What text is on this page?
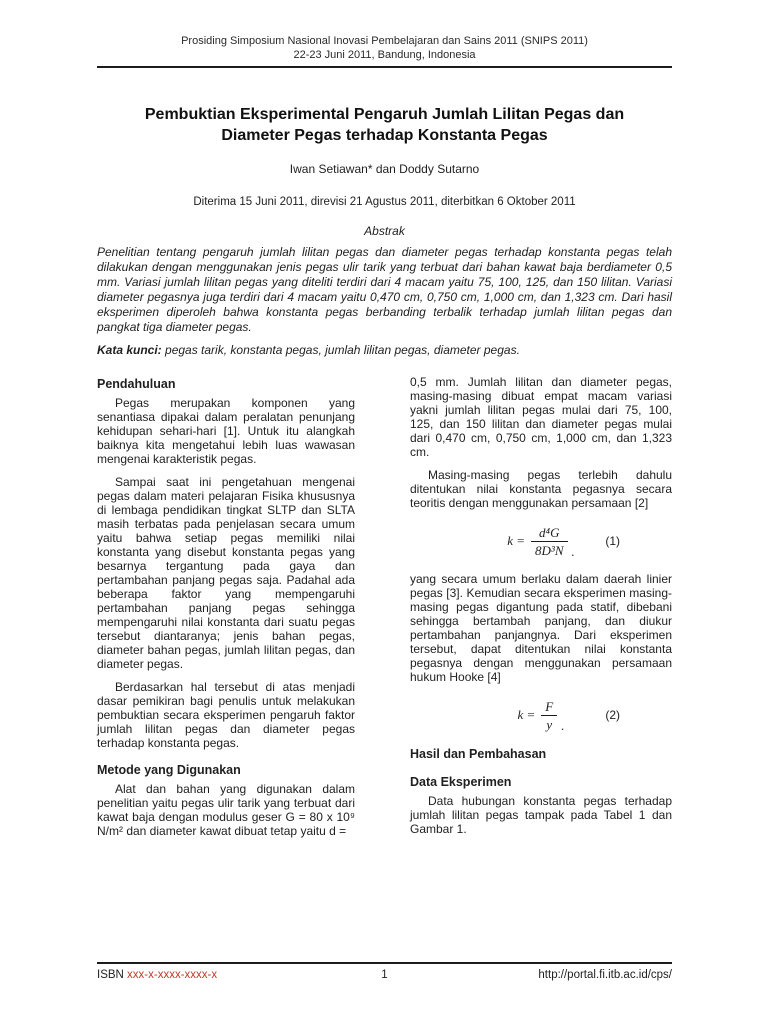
Prosiding Simposium Nasional Inovasi Pembelajaran dan Sains 2011 (SNIPS 2011)
22-23 Juni 2011, Bandung, Indonesia
Pembuktian Eksperimental Pengaruh Jumlah Lilitan Pegas dan
Diameter Pegas terhadap Konstanta Pegas
Iwan Setiawan* dan Doddy Sutarno
Diterima 15 Juni 2011, direvisi 21 Agustus 2011, diterbitkan 6 Oktober 2011
Abstrak
Penelitian tentang pengaruh jumlah lilitan pegas dan diameter pegas terhadap konstanta pegas telah dilakukan dengan menggunakan jenis pegas ulir tarik yang terbuat dari bahan kawat baja berdiameter 0,5 mm. Variasi jumlah lilitan pegas yang diteliti terdiri dari 4 macam yaitu 75, 100, 125, dan 150 lilitan. Variasi diameter pegasnya juga terdiri dari 4 macam yaitu 0,470 cm, 0,750 cm, 1,000 cm, dan 1,323 cm. Dari hasil eksperimen diperoleh bahwa konstanta pegas berbanding terbalik terhadap jumlah lilitan pegas dan pangkat tiga diameter pegas.
Kata kunci: pegas tarik, konstanta pegas, jumlah lilitan pegas, diameter pegas.
Pendahuluan

Pegas merupakan komponen yang senantiasa dipakai dalam peralatan penunjang kehidupan sehari-hari [1]. Untuk itu alangkah baiknya kita mengetahui lebih luas wawasan mengenai karakteristik pegas.

Sampai saat ini pengetahuan mengenai pegas dalam materi pelajaran Fisika khususnya di lembaga pendidikan tingkat SLTP dan SLTA masih terbatas pada penjelasan secara umum yaitu bahwa setiap pegas memiliki nilai konstanta yang disebut konstanta pegas yang besarnya tergantung pada gaya dan pertambahan panjang pegas saja. Padahal ada beberapa faktor yang mempengaruhi pertambahan panjang pegas sehingga mempengaruhi nilai konstanta dari suatu pegas tersebut diantaranya; jenis bahan pegas, diameter bahan pegas, jumlah lilitan pegas, dan diameter pegas.

Berdasarkan hal tersebut di atas menjadi dasar pemikiran bagi penulis untuk melakukan pembuktian secara eksperimen pengaruh faktor jumlah lilitan pegas dan diameter pegas terhadap konstanta pegas.

Metode yang Digunakan

Alat dan bahan yang digunakan dalam penelitian yaitu pegas ulir tarik yang terbuat dari kawat baja dengan modulus geser G = 80 x 10⁹ N/m² dan diameter kawat dibuat tetap yaitu d =

0,5 mm. Jumlah lilitan dan diameter pegas, masing-masing dibuat empat macam variasi yakni jumlah lilitan pegas mulai dari 75, 100, 125, dan 150 lilitan dan diameter pegas mulai dari 0,470 cm, 0,750 cm, 1,000 cm, dan 1,323 cm.

Masing-masing pegas terlebih dahulu ditentukan nilai konstanta pegasnya secara teoritis dengan menggunakan persamaan [2]

$k = \frac{\text{d⁴G}}{\text{8D³N}}$ .
(1)

yang secara umum berlaku dalam daerah linier pegas [3]. Kemudian secara eksperimen masing-masing pegas digantung pada statif, dibebani sehingga bertambah panjang, dan diukur pertambahan panjangnya. Dari eksperimen tersebut, dapat ditentukan nilai konstanta pegasnya dengan menggunakan persamaan hukum Hooke [4]

$k = \frac{F}{y}$ .
(2)
Hasil dan Pembahasan
Data Eksperimen

Data hubungan konstanta pegas terhadap jumlah lilitan pegas tampak pada Tabel 1 dan Gambar 1.

ISBN xxx-x-xxxx-xxxx-x	1	http://portal.fi.itb.ac.id/cps/
